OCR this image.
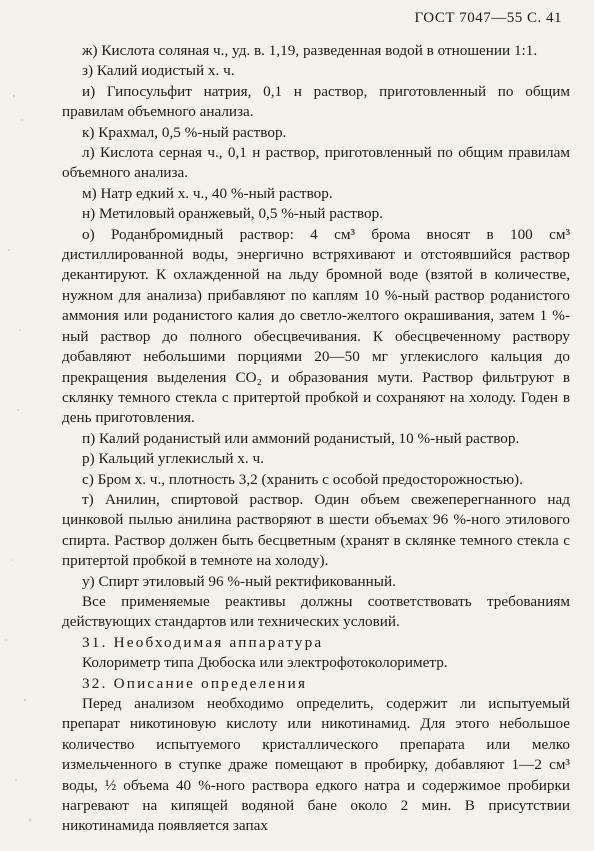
ГОСТ 7047—55 С. 41

ж) Кислота соляная ч., уд. в. 1,19, разведенная водой в отношении 1:1.

з) Калий иодистый х. ч.

и) Гипосульфит натрия, 0,1 н раствор, приготовленный по общим правилам объемного анализа.

к) Крахмал, 0,5 %-ный раствор.

л) Кислота серная ч., 0,1 н раствор, приготовленный по общим правилам объемного анализа.

м) Натр едкий х. ч., 40 %-ный раствор.

н) Метиловый оранжевый, 0,5 %-ный раствор.

о) Роданбромидный раствор: 4 см³ брома вносят в 100 см³ дистиллированной воды, энергично встряхивают и отстоявшийся раствор декантируют. К охлажденной на льду бромной воде (взятой в количестве, нужном для анализа) прибавляют по каплям 10 %-ный раствор роданистого аммония или роданистого калия до светло-желтого окрашивания, затем 1 %-ный раствор до полного обесцвечивания. К обесцвеченному раствору добавляют небольшими порциями 20—50 мг углекислого кальция до прекращения выделения CO₂ и образования мути. Раствор фильтруют в склянку темного стекла с притертой пробкой и сохраняют на холоду. Годен в день приготовления.

п) Калий роданистый или аммоний роданистый, 10 %-ный раствор.

р) Кальций углекислый х. ч.

с) Бром х. ч., плотность 3,2 (хранить с особой предосторожностью).

т) Анилин, спиртовой раствор. Один объем свежеперегнанного над цинковой пылью анилина растворяют в шести объемах 96 %-ного этилового спирта. Раствор должен быть бесцветным (хранят в склянке темного стекла с притертой пробкой в темноте на холоду).

у) Спирт этиловый 96 %-ный ректификованный.

Все применяемые реактивы должны соответствовать требованиям действующих стандартов или технических условий.

31. Необходимая аппаратура

Колориметр типа Дюбоска или электрофотоколориметр.

32. Описание определения

Перед анализом необходимо определить, содержит ли испытуемый препарат никотиновую кислоту или никотинамид. Для этого небольшое количество испытуемого кристаллического препарата или мелко измельченного в ступке драже помещают в пробирку, добавляют 1—2 см³ воды, ½ объема 40 %-ного раствора едкого натра и содержимое пробирки нагревают на кипящей водяной бане около 2 мин. В присутствии никотинамида появляется запах
